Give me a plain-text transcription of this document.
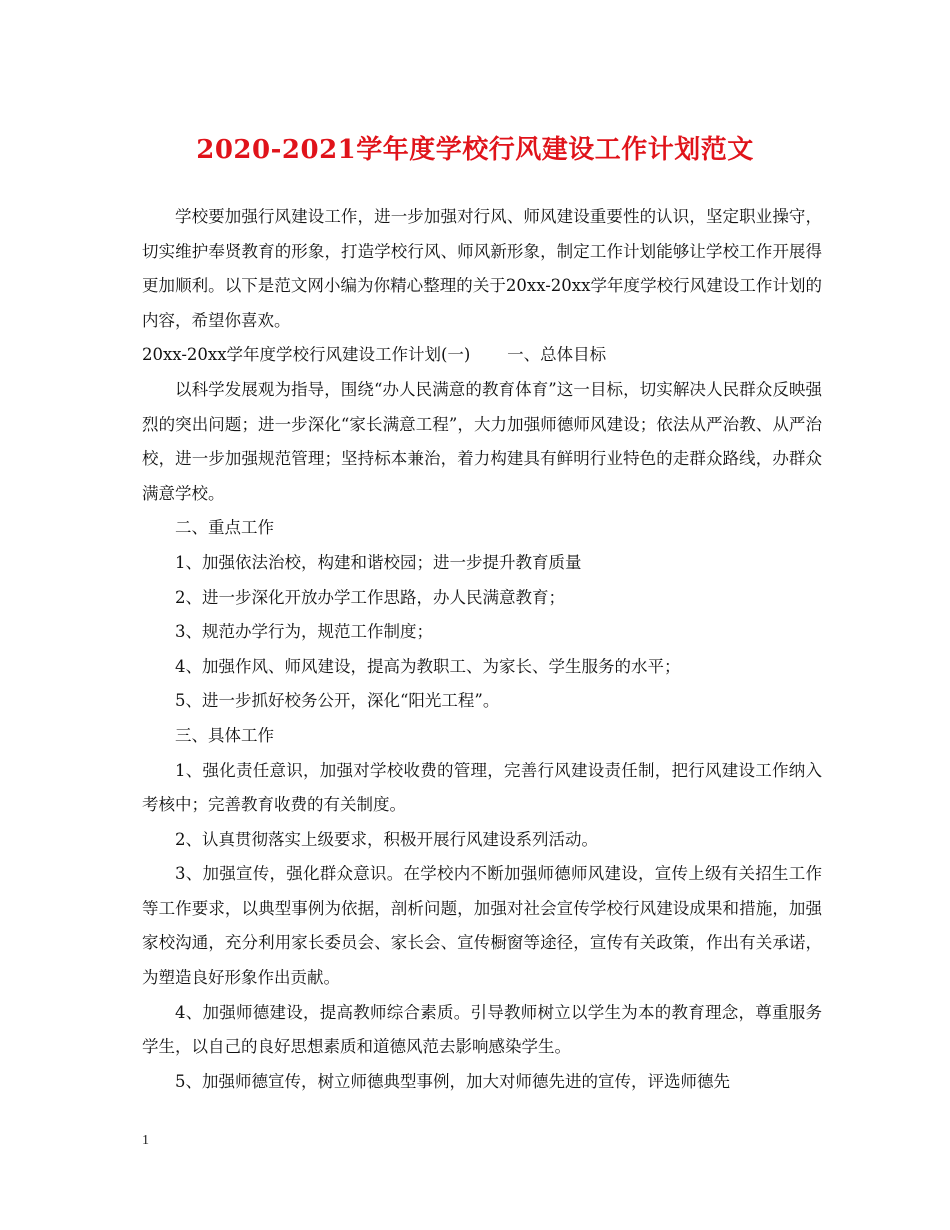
2020-2021学年度学校行风建设工作计划范文

学校要加强行风建设工作，进一步加强对行风、师风建设重要性的认识，坚定职业操守，切实维护奉贤教育的形象，打造学校行风、师风新形象，制定工作计划能够让学校工作开展得更加顺利。以下是范文网小编为你精心整理的关于20xx-20xx学年度学校行风建设工作计划的内容，希望你喜欢。

20xx-20xx学年度学校行风建设工作计划(一)       一、总体目标

以科学发展观为指导，围绕“办人民满意的教育体育”这一目标，切实解决人民群众反映强烈的突出问题；进一步深化“家长满意工程”，大力加强师德师风建设；依法从严治教、从严治校，进一步加强规范管理；坚持标本兼治，着力构建具有鲜明行业特色的走群众路线，办群众满意学校。

二、重点工作

1、加强依法治校，构建和谐校园；进一步提升教育质量

2、进一步深化开放办学工作思路，办人民满意教育；

3、规范办学行为，规范工作制度；

4、加强作风、师风建设，提高为教职工、为家长、学生服务的水平；

5、进一步抓好校务公开，深化“阳光工程”。

三、具体工作

1、强化责任意识，加强对学校收费的管理，完善行风建设责任制，把行风建设工作纳入考核中；完善教育收费的有关制度。

2、认真贯彻落实上级要求，积极开展行风建设系列活动。

3、加强宣传，强化群众意识。在学校内不断加强师德师风建设，宣传上级有关招生工作等工作要求，以典型事例为依据，剖析问题，加强对社会宣传学校行风建设成果和措施，加强家校沟通，充分利用家长委员会、家长会、宣传橱窗等途径，宣传有关政策，作出有关承诺，为塑造良好形象作出贡献。

4、加强师德建设，提高教师综合素质。引导教师树立以学生为本的教育理念，尊重服务学生，以自己的良好思想素质和道德风范去影响感染学生。

5、加强师德宣传，树立师德典型事例，加大对师德先进的宣传，评选师德先

1
